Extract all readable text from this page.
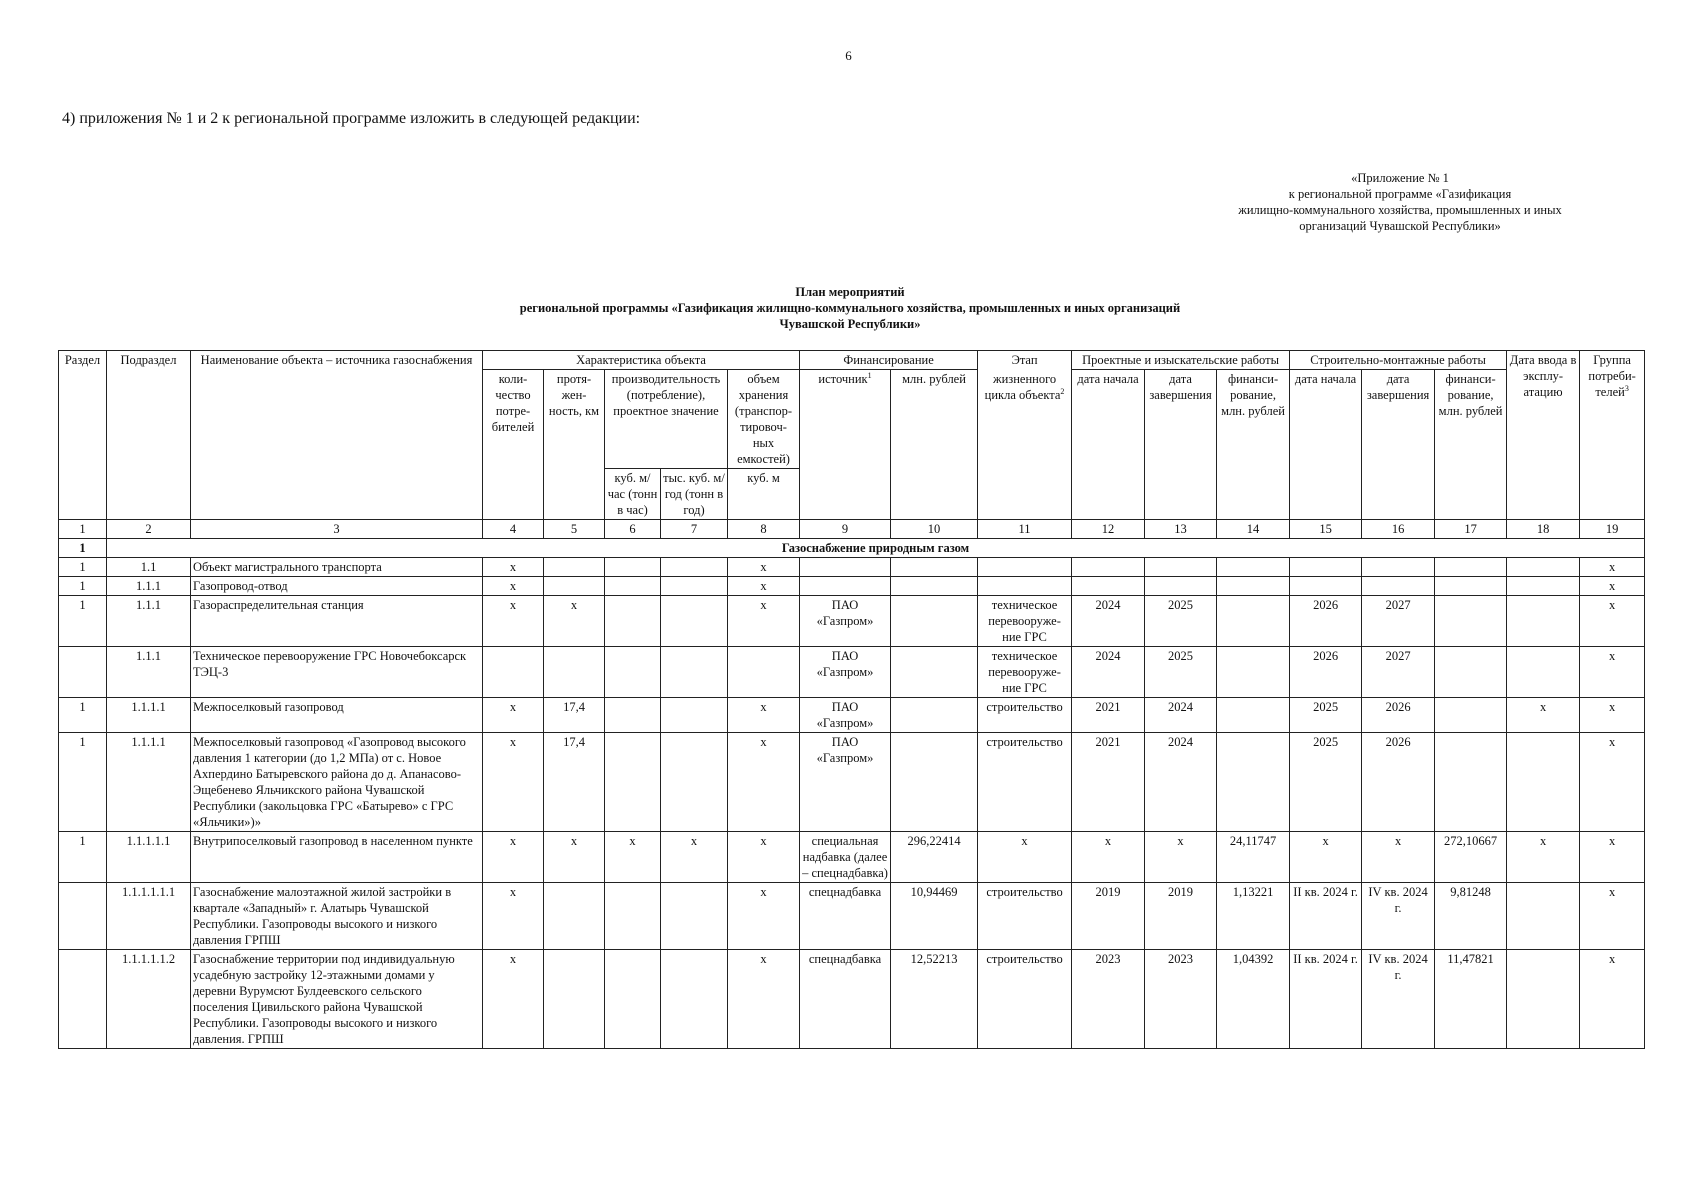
6
4) приложения № 1 и 2 к региональной программе изложить в следующей редакции:
«Приложение № 1
к региональной программе «Газификация
жилищно-коммунального хозяйства, промышленных и иных
организаций Чувашской Республики»
План мероприятий
региональной программы «Газификация жилищно-коммунального хозяйства, промышленных и иных организаций
Чувашской Республики»
Раздел	Подраздел	Наименование объекта – источника газоснабжения	Характеристика объекта					Финансирование		Этап	Проектные и изыскательские работы			Строительно-монтажные работы			Дата ввода в эксплу-атацию	Группа потреби-телей$^3$
			коли-чество потре-бителей	протя-жен-ность, км	производительность (потребление), проектное значение		объем хранения (транспор-тировоч-ных емкостей)	источник$^1$	млн. рублей	жизненного цикла объекта$^2$	дата начала	дата завершения	финанси-рование, млн. рублей	дата начала	дата завершения	финанси-рование, млн. рублей		
					куб. м/час (тонн в час)	тыс. куб. м/год (тонн в год)	куб. м											
1	2	3	4	5	6	7	8	9	10	11	12	13	14	15	16	17	18	19
1	Газоснабжение природным газом																	
1	1.1	Объект магистрального транспорта	х				х											х
1	1.1.1	Газопровод-отвод	х				х											х
1	1.1.1	Газораспределительная станция	х	х			х	ПАО «Газпром»		техническое перевооруже-ние ГРС	2024	2025		2026	2027			х
	1.1.1	Техническое перевооружение ГРС Новочебоксарск ТЭЦ-3						ПАО «Газпром»		техническое перевооруже-ние ГРС	2024	2025		2026	2027			х
1	1.1.1.1	Межпоселковый газопровод	х	17,4			х	ПАО «Газпром»		строительство	2021	2024		2025	2026		х	х
1	1.1.1.1	Межпоселковый газопровод «Газопровод высокого давления 1 категории (до 1,2 МПа) от с. Новое Ахпердино Батыревского района до д. Апанасово-Эщебенево Яльчикского района Чувашской Республики (закольцовка ГРС «Батырево» с ГРС «Яльчики»)»	х	17,4			х	ПАО «Газпром»		строительство	2021	2024		2025	2026			х
1	1.1.1.1.1	Внутрипоселковый газопровод в населенном пункте	х	х	х	х	х	специальная надбавка (далее – спецнадбавка)	296,22414	х	х	х	24,11747	х	х	272,10667	х	х
	1.1.1.1.1.1	Газоснабжение малоэтажной жилой застройки в квартале «Западный» г. Алатырь Чувашской Республики. Газопроводы высокого и низкого давления ГРПШ	х				х	спецнадбавка	10,94469	строительство	2019	2019	1,13221	II кв. 2024 г.	IV кв. 2024 г.	9,81248		х
	1.1.1.1.1.2	Газоснабжение территории под индивидуальную усадебную застройку 12-этажными домами у деревни Вурумсют Булдеевского сельского поселения Цивильского района Чувашской Республики. Газопроводы высокого и низкого давления. ГРПШ	х				х	спецнадбавка	12,52213	строительство	2023	2023	1,04392	II кв. 2024 г.	IV кв. 2024 г.	11,47821		х
